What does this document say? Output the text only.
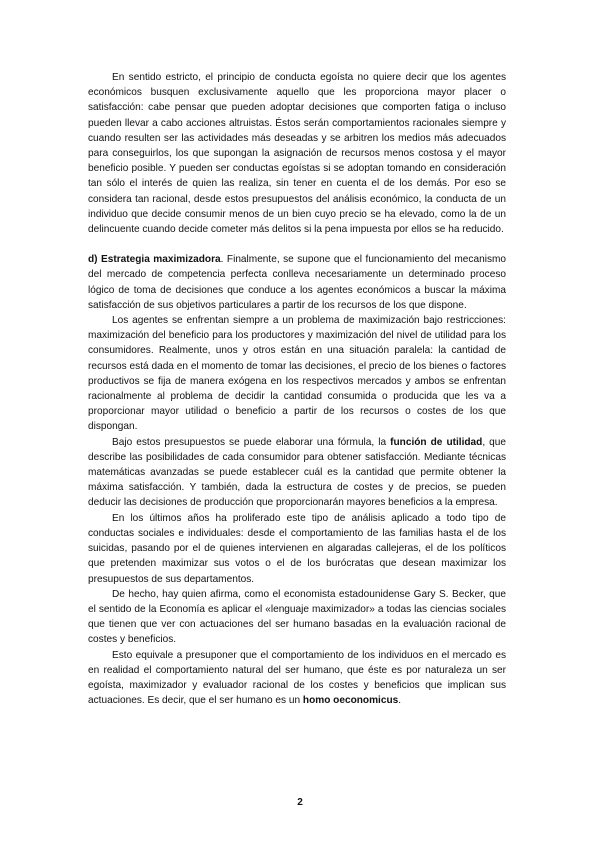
En sentido estricto, el principio de conducta egoísta no quiere decir que los agentes económicos busquen exclusivamente aquello que les proporciona mayor placer o satisfacción: cabe pensar que pueden adoptar decisiones que comporten fatiga o incluso pueden llevar a cabo acciones altruistas. Éstos serán comportamientos racionales siempre y cuando resulten ser las actividades más deseadas y se arbitren los medios más adecuados para conseguirlos, los que supongan la asignación de recursos menos costosa y el mayor beneficio posible. Y pueden ser conductas egoístas si se adoptan tomando en consideración tan sólo el interés de quien las realiza, sin tener en cuenta el de los demás. Por eso se considera tan racional, desde estos presupuestos del análisis económico, la conducta de un individuo que decide consumir menos de un bien cuyo precio se ha elevado, como la de un delincuente cuando decide cometer más delitos si la pena impuesta por ellos se ha reducido.

d) Estrategia maximizadora. Finalmente, se supone que el funcionamiento del mecanismo del mercado de competencia perfecta conlleva necesariamente un determinado proceso lógico de toma de decisiones que conduce a los agentes económicos a buscar la máxima satisfacción de sus objetivos particulares a partir de los recursos de los que dispone.

Los agentes se enfrentan siempre a un problema de maximización bajo restricciones: maximización del beneficio para los productores y maximización del nivel de utilidad para los consumidores. Realmente, unos y otros están en una situación paralela: la cantidad de recursos está dada en el momento de tomar las decisiones, el precio de los bienes o factores productivos se fija de manera exógena en los respectivos mercados y ambos se enfrentan racionalmente al problema de decidir la cantidad consumida o producida que les va a proporcionar mayor utilidad o beneficio a partir de los recursos o costes de los que dispongan.

Bajo estos presupuestos se puede elaborar una fórmula, la función de utilidad, que describe las posibilidades de cada consumidor para obtener satisfacción. Mediante técnicas matemáticas avanzadas se puede establecer cuál es la cantidad que permite obtener la máxima satisfacción. Y también, dada la estructura de costes y de precios, se pueden deducir las decisiones de producción que proporcionarán mayores beneficios a la empresa.

En los últimos años ha proliferado este tipo de análisis aplicado a todo tipo de conductas sociales e individuales: desde el comportamiento de las familias hasta el de los suicidas, pasando por el de quienes intervienen en algaradas callejeras, el de los políticos que pretenden maximizar sus votos o el de los burócratas que desean maximizar los presupuestos de sus departamentos.

De hecho, hay quien afirma, como el economista estadounidense Gary S. Becker, que el sentido de la Economía es aplicar el «lenguaje maximizador» a todas las ciencias sociales que tienen que ver con actuaciones del ser humano basadas en la evaluación racional de costes y beneficios.

Esto equivale a presuponer que el comportamiento de los individuos en el mercado es en realidad el comportamiento natural del ser humano, que éste es por naturaleza un ser egoísta, maximizador y evaluador racional de los costes y beneficios que implican sus actuaciones. Es decir, que el ser humano es un homo oeconomicus.

2
